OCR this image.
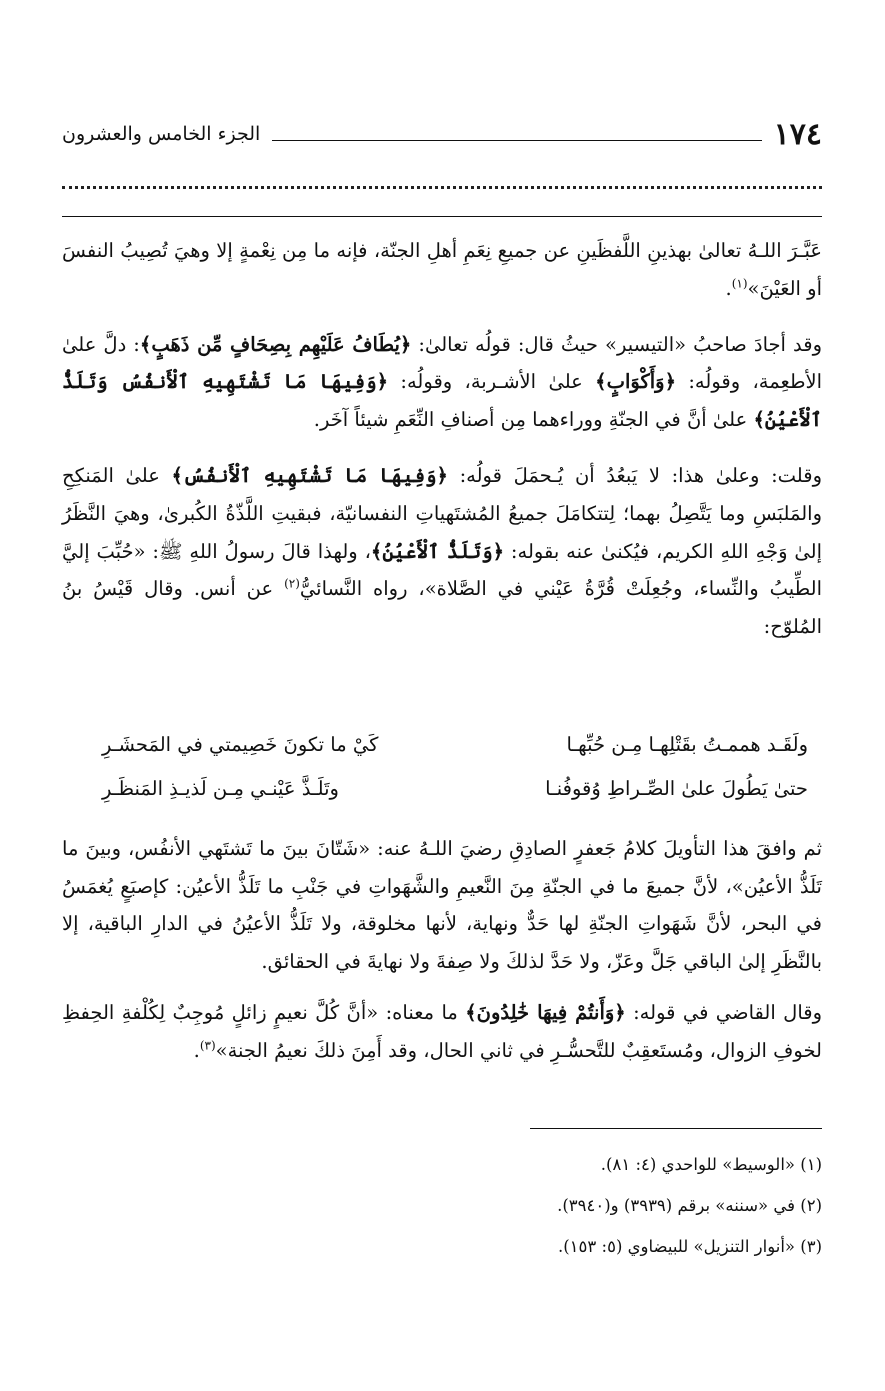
١٧٤
الجزء الخامس والعشرون

عَبَّـرَ اللـهُ تعالىٰ بهذينِ اللَّفظَينِ عن جميعِ نِعَمِ أهلِ الجنّة، فإنه ما مِن نِعْمةٍ إلا وهيَ تُصِيبُ النفسَ أو العَيْنَ»$^{(١)}$.

وقد أجادَ صاحبُ «التيسير» حيثُ قال: قولُه تعالىٰ: ﴿يُطَافُ عَلَيْهِم بِصِحَافٍ مِّن ذَهَبٍ﴾: دلَّ علىٰ الأطعِمة، وقولُه: ﴿وَأَكْوَابٍ﴾ علىٰ الأشـربة، وقولُه: ﴿وَفِيهَا مَا تَشْتَهِيهِ ٱلْأَنفُسُ وَتَلَذُّ ٱلْأَعْيُنُ﴾ علىٰ أنَّ في الجنّةِ ووراءهما مِن أصنافِ النِّعَمِ شيئاً آخَر.

وقلت: وعلىٰ هذا: لا يَبعُدُ أن يُـحمَلَ قولُه: ﴿وَفِيهَا مَا تَشْتَهِيهِ ٱلْأَنفُسُ﴾ علىٰ المَنكِحِ والمَلبَسِ وما يَتَّصِلُ بهما؛ لِتتكامَلَ جميعُ المُشتَهياتِ النفسانيّة، فبقيتِ اللَّذّةُ الكُبرىٰ، وهيَ النَّظَرُ إلىٰ وَجْهِ اللهِ الكريم، فيُكنىٰ عنه بقوله: ﴿وَتَلَذُّ ٱلْأَعْيُنُ﴾، ولهذا قالَ رسولُ اللهِ ﷺ: «حُبِّبَ إليَّ الطِّيبُ والنِّساء، وجُعِلَتْ قُرَّةُ عَيْني في الصَّلاة»، رواه النَّسائيُّ$^{(٢)}$ عن أنس. وقال قَيْسُ بنُ المُلوّح:

ولَقَـد هممـتُ بقَتْلِهـا مِـن حُبِّهـا
كَيْ ما تكونَ خَصِيمتي في المَحشَـرِ
حتىٰ يَطُولَ علىٰ الصِّـراطِ وُقوفُنـا
وتَلَـذَّ عَيْنـي مِـن لَذيـذِ المَنظَـرِ

ثم وافقَ هذا التأويلَ كلامُ جَعفرٍ الصادِقِ رضيَ اللـهُ عنه: «شَتّانَ بينَ ما تَشتَهي الأنفُس، وبينَ ما تَلَذُّ الأعيُن»، لأنَّ جميعَ ما في الجنّةِ مِنَ النَّعيمِ والشَّهَواتِ في جَنْبِ ما تَلَذُّ الأعيُن: كإصبَعٍ يُغمَسُ في البحر، لأنَّ شَهَواتِ الجنّةِ لها حَدٌّ ونهاية، لأنها مخلوقة، ولا تَلَذُّ الأعيُنُ في الدارِ الباقية، إلا بالنَّظَرِ إلىٰ الباقي جَلَّ وعَزّ، ولا حَدَّ لذلكَ ولا صِفةَ ولا نهايةَ في الحقائق.

وقال القاضي في قوله: ﴿وَأَنتُمْ فِيهَا خَٰلِدُونَ﴾ ما معناه: «أنَّ كُلَّ نعيمٍ زائلٍ مُوجِبٌ لِكُلْفةِ الحِفظِ لخوفِ الزوال، ومُستَعقِبٌ للتَّحسُّـرِ في ثاني الحال، وقد أَمِنَ ذلكَ نعيمُ الجنة»$^{(٣)}$.

(١) «الوسيط» للواحدي (٤: ٨١).
(٢) في «سننه» برقم (٣٩٣٩) و(٣٩٤٠).
(٣) «أنوار التنزيل» للبيضاوي (٥: ١٥٣).
